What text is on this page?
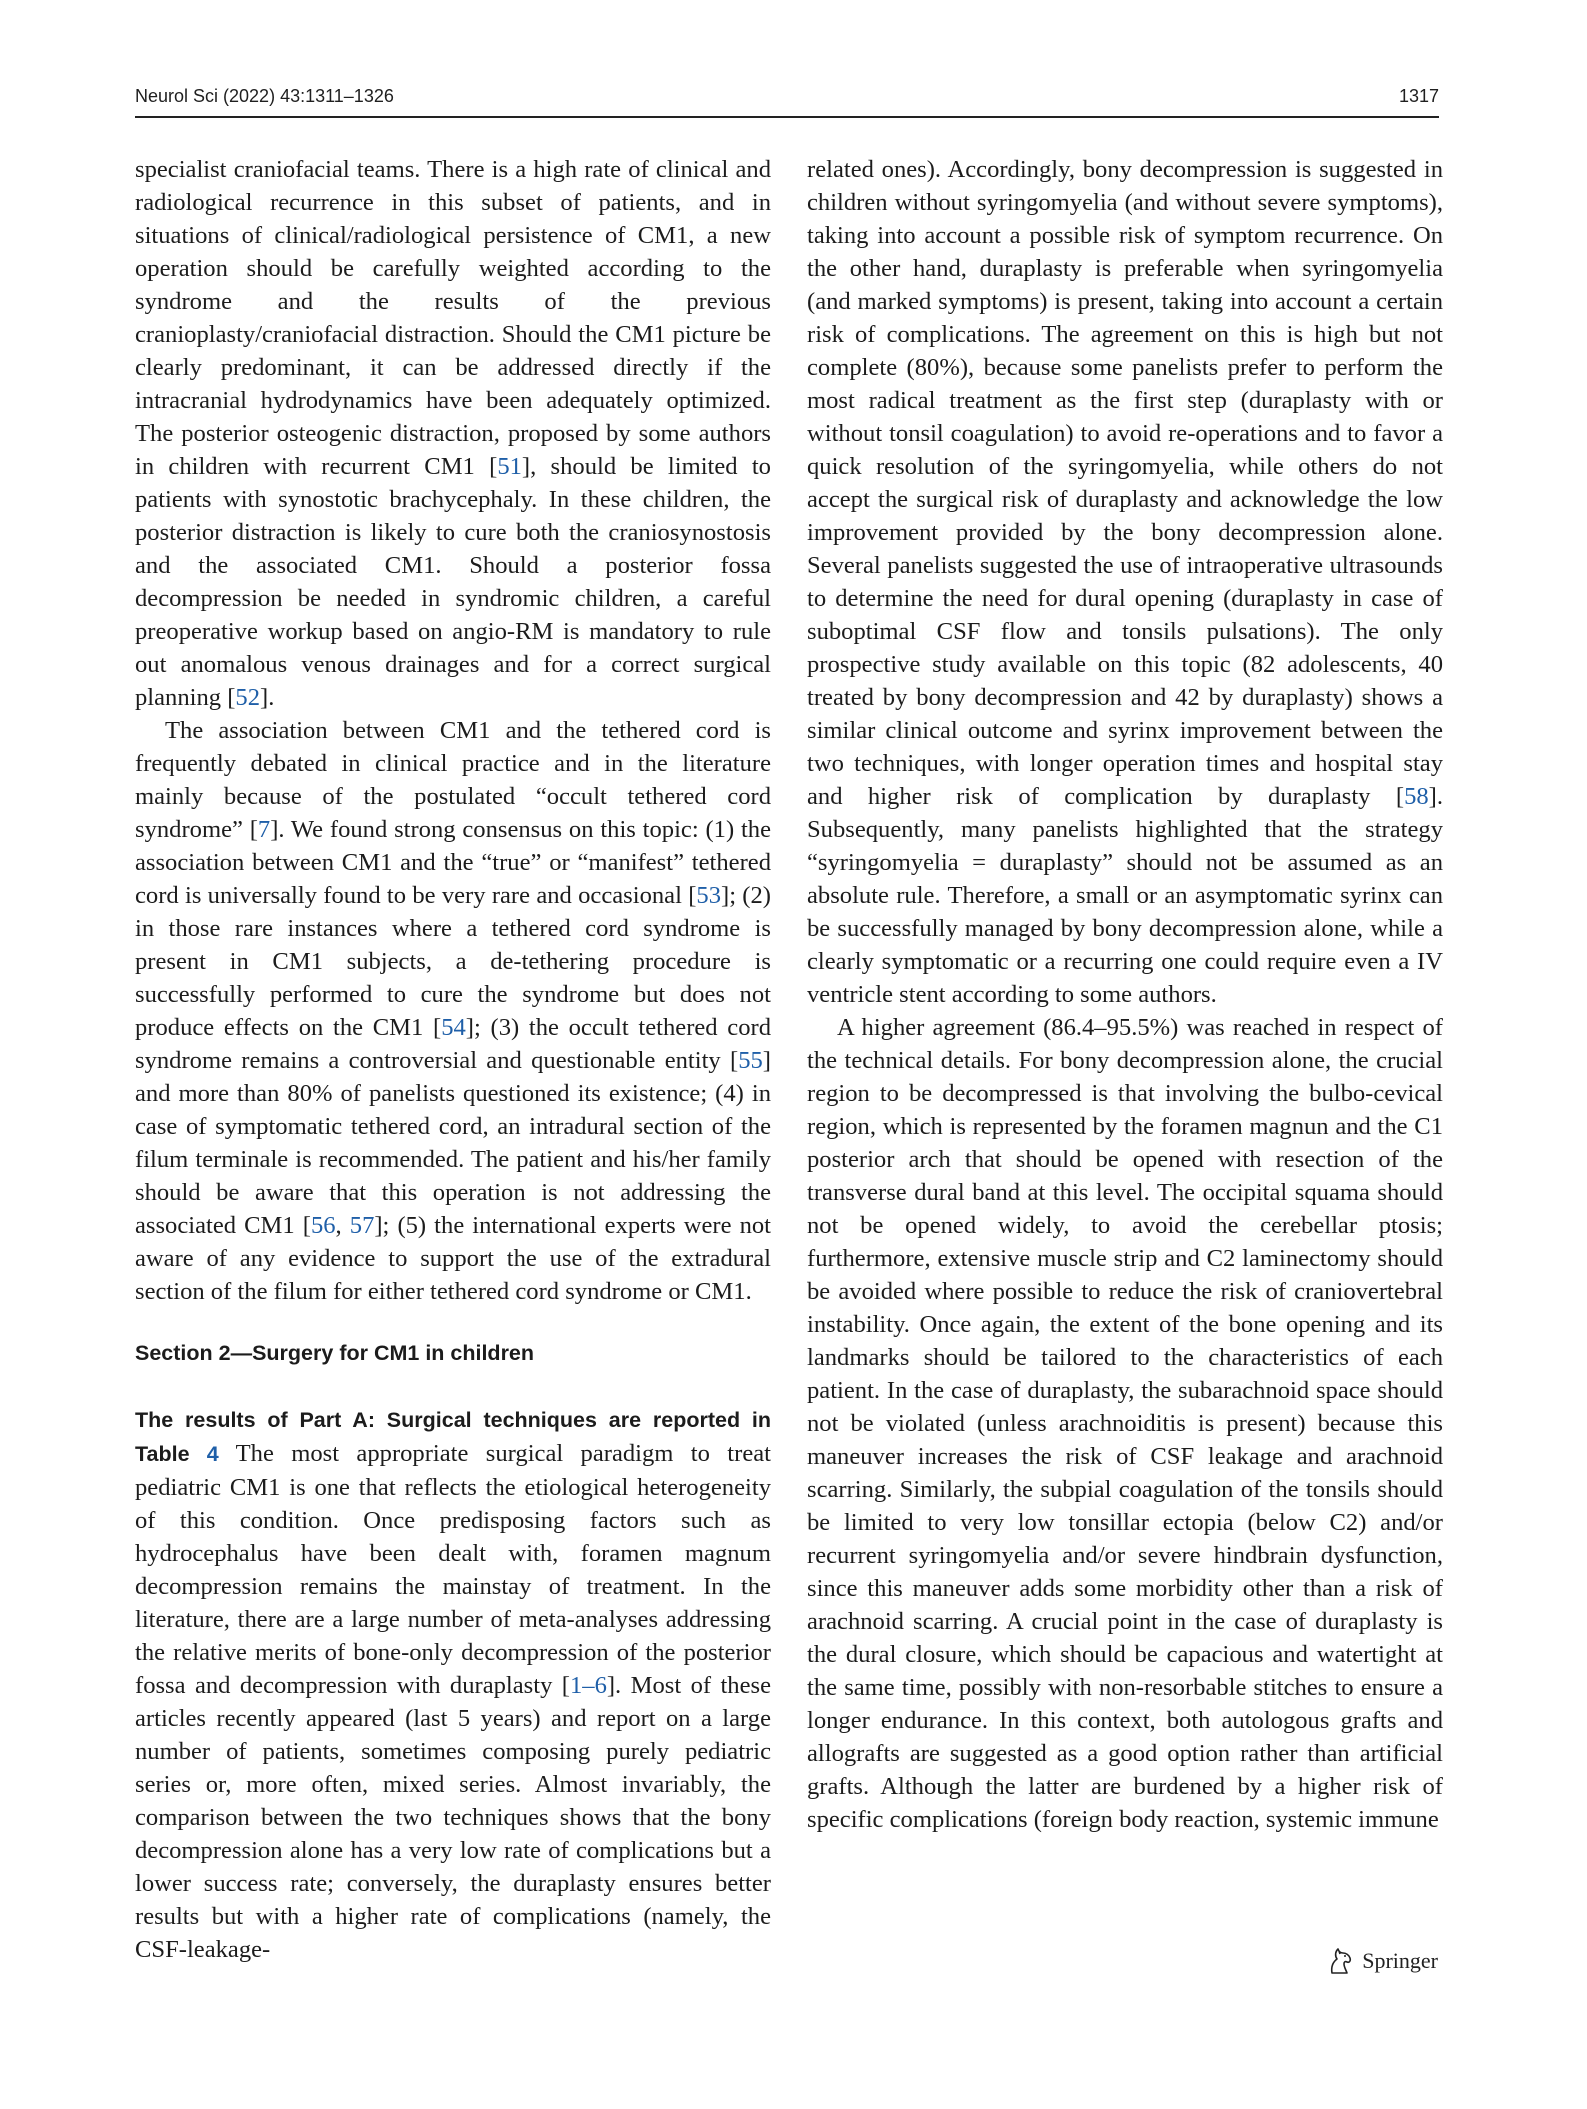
Neurol Sci (2022) 43:1311–1326	1317

specialist craniofacial teams. There is a high rate of clinical and radiological recurrence in this subset of patients, and in situations of clinical/radiological persistence of CM1, a new operation should be carefully weighted according to the syndrome and the results of the previous cranioplasty/craniofacial distraction. Should the CM1 picture be clearly predominant, it can be addressed directly if the intracranial hydrodynamics have been adequately optimized. The posterior osteogenic distraction, proposed by some authors in children with recurrent CM1 [51], should be limited to patients with synostotic brachycephaly. In these children, the posterior distraction is likely to cure both the craniosynostosis and the associated CM1. Should a posterior fossa decompression be needed in syndromic children, a careful preoperative workup based on angio-RM is mandatory to rule out anomalous venous drainages and for a correct surgical planning [52].

The association between CM1 and the tethered cord is frequently debated in clinical practice and in the literature mainly because of the postulated “occult tethered cord syndrome” [7]. We found strong consensus on this topic: (1) the association between CM1 and the “true” or “manifest” tethered cord is universally found to be very rare and occasional [53]; (2) in those rare instances where a tethered cord syndrome is present in CM1 subjects, a de-tethering procedure is successfully performed to cure the syndrome but does not produce effects on the CM1 [54]; (3) the occult tethered cord syndrome remains a controversial and questionable entity [55] and more than 80% of panelists questioned its existence; (4) in case of symptomatic tethered cord, an intradural section of the filum terminale is recommended. The patient and his/her family should be aware that this operation is not addressing the associated CM1 [56, 57]; (5) the international experts were not aware of any evidence to support the use of the extradural section of the filum for either tethered cord syndrome or CM1.

Section 2—Surgery for CM1 in children

The results of Part A: Surgical techniques are reported in Table 4 The most appropriate surgical paradigm to treat pediatric CM1 is one that reflects the etiological heterogeneity of this condition. Once predisposing factors such as hydrocephalus have been dealt with, foramen magnum decompression remains the mainstay of treatment. In the literature, there are a large number of meta-analyses addressing the relative merits of bone-only decompression of the posterior fossa and decompression with duraplasty [1–6]. Most of these articles recently appeared (last 5 years) and report on a large number of patients, sometimes composing purely pediatric series or, more often, mixed series. Almost invariably, the comparison between the two techniques shows that the bony decompression alone has a very low rate of complications but a lower success rate; conversely, the duraplasty ensures better results but with a higher rate of complications (namely, the CSF-leakage-

related ones). Accordingly, bony decompression is suggested in children without syringomyelia (and without severe symptoms), taking into account a possible risk of symptom recurrence. On the other hand, duraplasty is preferable when syringomyelia (and marked symptoms) is present, taking into account a certain risk of complications. The agreement on this is high but not complete (80%), because some panelists prefer to perform the most radical treatment as the first step (duraplasty with or without tonsil coagulation) to avoid re-operations and to favor a quick resolution of the syringomyelia, while others do not accept the surgical risk of duraplasty and acknowledge the low improvement provided by the bony decompression alone. Several panelists suggested the use of intraoperative ultrasounds to determine the need for dural opening (duraplasty in case of suboptimal CSF flow and tonsils pulsations). The only prospective study available on this topic (82 adolescents, 40 treated by bony decompression and 42 by duraplasty) shows a similar clinical outcome and syrinx improvement between the two techniques, with longer operation times and hospital stay and higher risk of complication by duraplasty [58]. Subsequently, many panelists highlighted that the strategy “syringomyelia = duraplasty” should not be assumed as an absolute rule. Therefore, a small or an asymptomatic syrinx can be successfully managed by bony decompression alone, while a clearly symptomatic or a recurring one could require even a IV ventricle stent according to some authors.

A higher agreement (86.4–95.5%) was reached in respect of the technical details. For bony decompression alone, the crucial region to be decompressed is that involving the bulbo-cevical region, which is represented by the foramen magnun and the C1 posterior arch that should be opened with resection of the transverse dural band at this level. The occipital squama should not be opened widely, to avoid the cerebellar ptosis; furthermore, extensive muscle strip and C2 laminectomy should be avoided where possible to reduce the risk of craniovertebral instability. Once again, the extent of the bone opening and its landmarks should be tailored to the characteristics of each patient. In the case of duraplasty, the subarachnoid space should not be violated (unless arachnoiditis is present) because this maneuver increases the risk of CSF leakage and arachnoid scarring. Similarly, the subpial coagulation of the tonsils should be limited to very low tonsillar ectopia (below C2) and/or recurrent syringomyelia and/or severe hindbrain dysfunction, since this maneuver adds some morbidity other than a risk of arachnoid scarring. A crucial point in the case of duraplasty is the dural closure, which should be capacious and watertight at the same time, possibly with non-resorbable stitches to ensure a longer endurance. In this context, both autologous grafts and allografts are suggested as a good option rather than artificial grafts. Although the latter are burdened by a higher risk of specific complications (foreign body reaction, systemic immune

Springer
